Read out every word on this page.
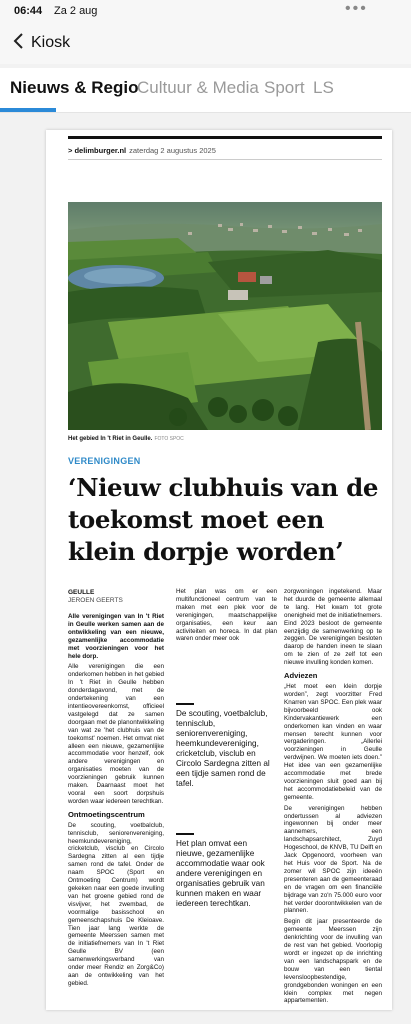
06:44 Za 2 aug	•••
Kiosk
Nieuws & Regio
Cultuur & Media Sport LS
> delimburger.nl zaterdag 2 augustus 2025
Het gebied In 't Riet in Geulle. FOTO SPOC
VERENIGINGEN
‘Nieuw clubhuis van de toekomst moet een klein dorpje worden’
GEULLE
JEROEN GEERTS

Alle verenigingen van In 't Riet in Geulle werken samen aan de ontwikkeling van een nieuwe, gezamenlijke accommodatie met voorzieningen voor het hele dorp.

Alle verenigingen die een onderkomen hebben in het gebied In 't Riet in Geulle hebben donderdagavond, met de ondertekening van een intentieovereenkomst, officieel vastgelegd dat ze samen doorgaan met de planontwikkeling van wat ze 'het clubhuis van de toekomst' noemen. Het omvat niet alleen een nieuwe, gezamenlijke accommodatie voor henzelf, ook andere verenigingen en organisaties moeten van de voorzieningen gebruik kunnen maken. Daarnaast moet het vooral een soort dorpshuis worden waar iedereen terechtkan.

Ontmoetingscentrum

De scouting, voetbalclub, tennisclub, seniorenvereniging, heemkundevereniging, cricketclub, visclub en Circolo Sardegna zitten al een tijdje samen rond de tafel. Onder de naam SPOC (Sport en Ontmoeting Centrum) wordt gekeken naar een goede invulling van het groene gebied rond de visvijver, het zwembad, de voormalige basisschool en gemeenschapshuis De Kleioave. Tien jaar lang werkte de gemeente Meerssen samen met de initiatiefnemers van In 't Riet Geulle BV (een samenwerkingsverband van onder meer Rendiz en Zorg&Co) aan de ontwikkeling van het gebied.

Het plan was om er een multifunctioneel centrum van te maken met een plek voor de verenigingen, maatschappelijke organisaties, een keur aan activiteiten en horeca. In dat plan waren onder meer ook

De scouting, voetbalclub, tennisclub, seniorenvereniging, heemkundevereniging, cricketclub, visclub en Circolo Sardegna zitten al een tijdje samen rond de tafel.

Het plan omvat een nieuwe, gezamenlijke accommodatie waar ook andere verenigingen en organisaties gebruik van kunnen maken en waar iedereen terechtkan.

zorgwoningen ingetekend. Maar het duurde de gemeente allemaal te lang. Het kwam tot grote onenigheid met de initiatiefnemers. Eind 2023 besloot de gemeente eenzijdig de samenwerking op te zeggen. De verenigingen besloten daarop de handen ineen te slaan om te zien of ze zelf tot een nieuwe invulling konden komen.

Adviezen

„Het moet een klein dorpje worden”, zegt voorzitter Fred Knarren van SPOC. Een plek waar bijvoorbeeld ook Kindervakantiewerk een onderkomen kan vinden en waar mensen terecht kunnen voor vergaderingen. „Allerlei voorzieningen in Geulle verdwijnen. We moeten iets doen.” Het idee van een gezamenlijke accommodatie met brede voorzieningen sluit goed aan bij het accommodatiebeleid van de gemeente.

De verenigingen hebben ondertussen al adviezen ingewonnen bij onder meer aannemers, een landschapsarchitect, Zuyd Hogeschool, de KNVB, TU Delft en Jack Opgenoord, voorheen van het Huis voor de Sport. Na de zomer wil SPOC zijn ideeën presenteren aan de gemeenteraad en de vragen om een financiële bijdrage van zo'n 75.000 euro voor het verder doorontwikkelen van de plannen.

Begin dit jaar presenteerde de gemeente Meerssen zijn denkrichting voor de invulling van de rest van het gebied. Voorlopig wordt er ingezet op de inrichting van een landschapspark en de bouw van een tiental levensloopbestendige, grondgebonden woningen en een klein complex met negen appartementen.
